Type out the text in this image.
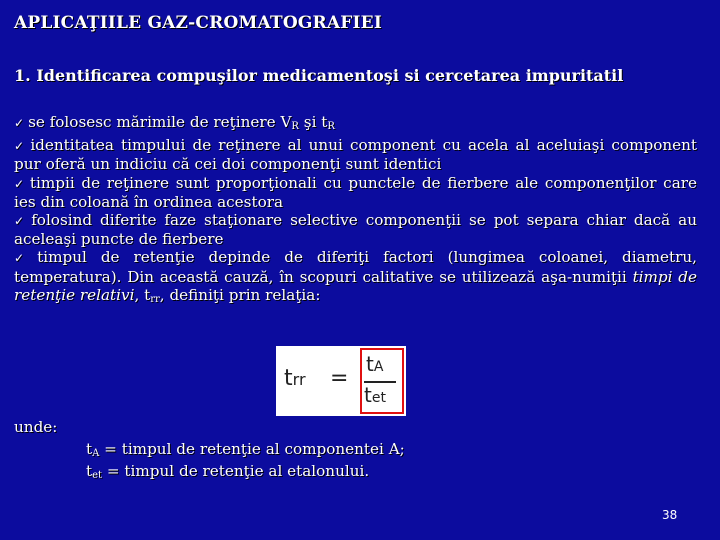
APLICAŢIILE GAZ-CROMATOGRAFIEI
1. Identificarea compuşilor medicamentoşi si cercetarea impuritatil

✓ se folosesc mărimile de reţinere $V_R$ şi $t_R$

✓ identitatea timpului de reţinere al unui component cu acela al aceluiaşi component pur oferă un indiciu că cei doi componenţi sunt identici

✓ timpii de reţinere sunt proporţionali cu punctele de fierbere ale componenţilor care ies din coloană în ordinea acestora

✓ folosind diferite faze staţionare selective componenţii se pot separa chiar dacă au aceleaşi puncte de fierbere

✓ timpul de retenţie depinde de diferiţi factori (lungimea coloanei, diametru, temperatura). Din această cauză, în scopuri calitative se utilizează aşa-numiţii timpi de retenţie relativi, $t_{rr}$, definiţi prin relaţia:

trr =
tA
tet
unde:
$t_A$ = timpul de retenţie al componentei A;
$t_{et}$ = timpul de retenţie al etalonului.
38
